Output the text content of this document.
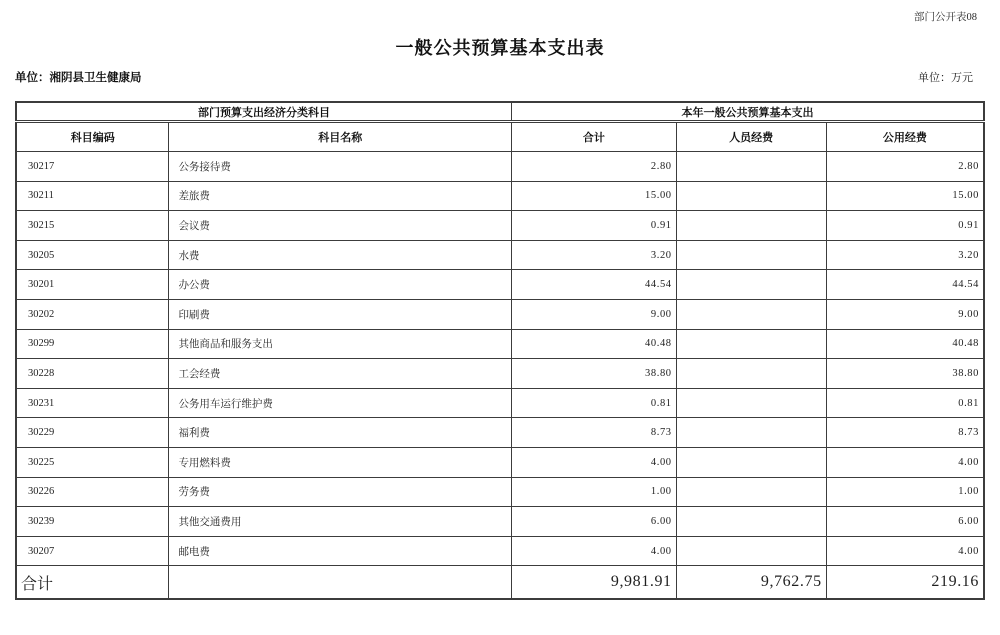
部门公开表08
一般公共预算基本支出表
单位：湘阴县卫生健康局	单位：万元
部门预算支出经济分类科目		本年一般公共预算基本支出		
科目编码	科目名称	合计	人员经费	公用经费
30217	公务接待费	2.80		2.80
30211	差旅费	15.00		15.00
30215	会议费	0.91		0.91
30205	水费	3.20		3.20
30201	办公费	44.54		44.54
30202	印刷费	9.00		9.00
30299	其他商品和服务支出	40.48		40.48
30228	工会经费	38.80		38.80
30231	公务用车运行维护费	0.81		0.81
30229	福利费	8.73		8.73
30225	专用燃料费	4.00		4.00
30226	劳务费	1.00		1.00
30239	其他交通费用	6.00		6.00
30207	邮电费	4.00		4.00
合计		9,981.91	9,762.75	219.16
